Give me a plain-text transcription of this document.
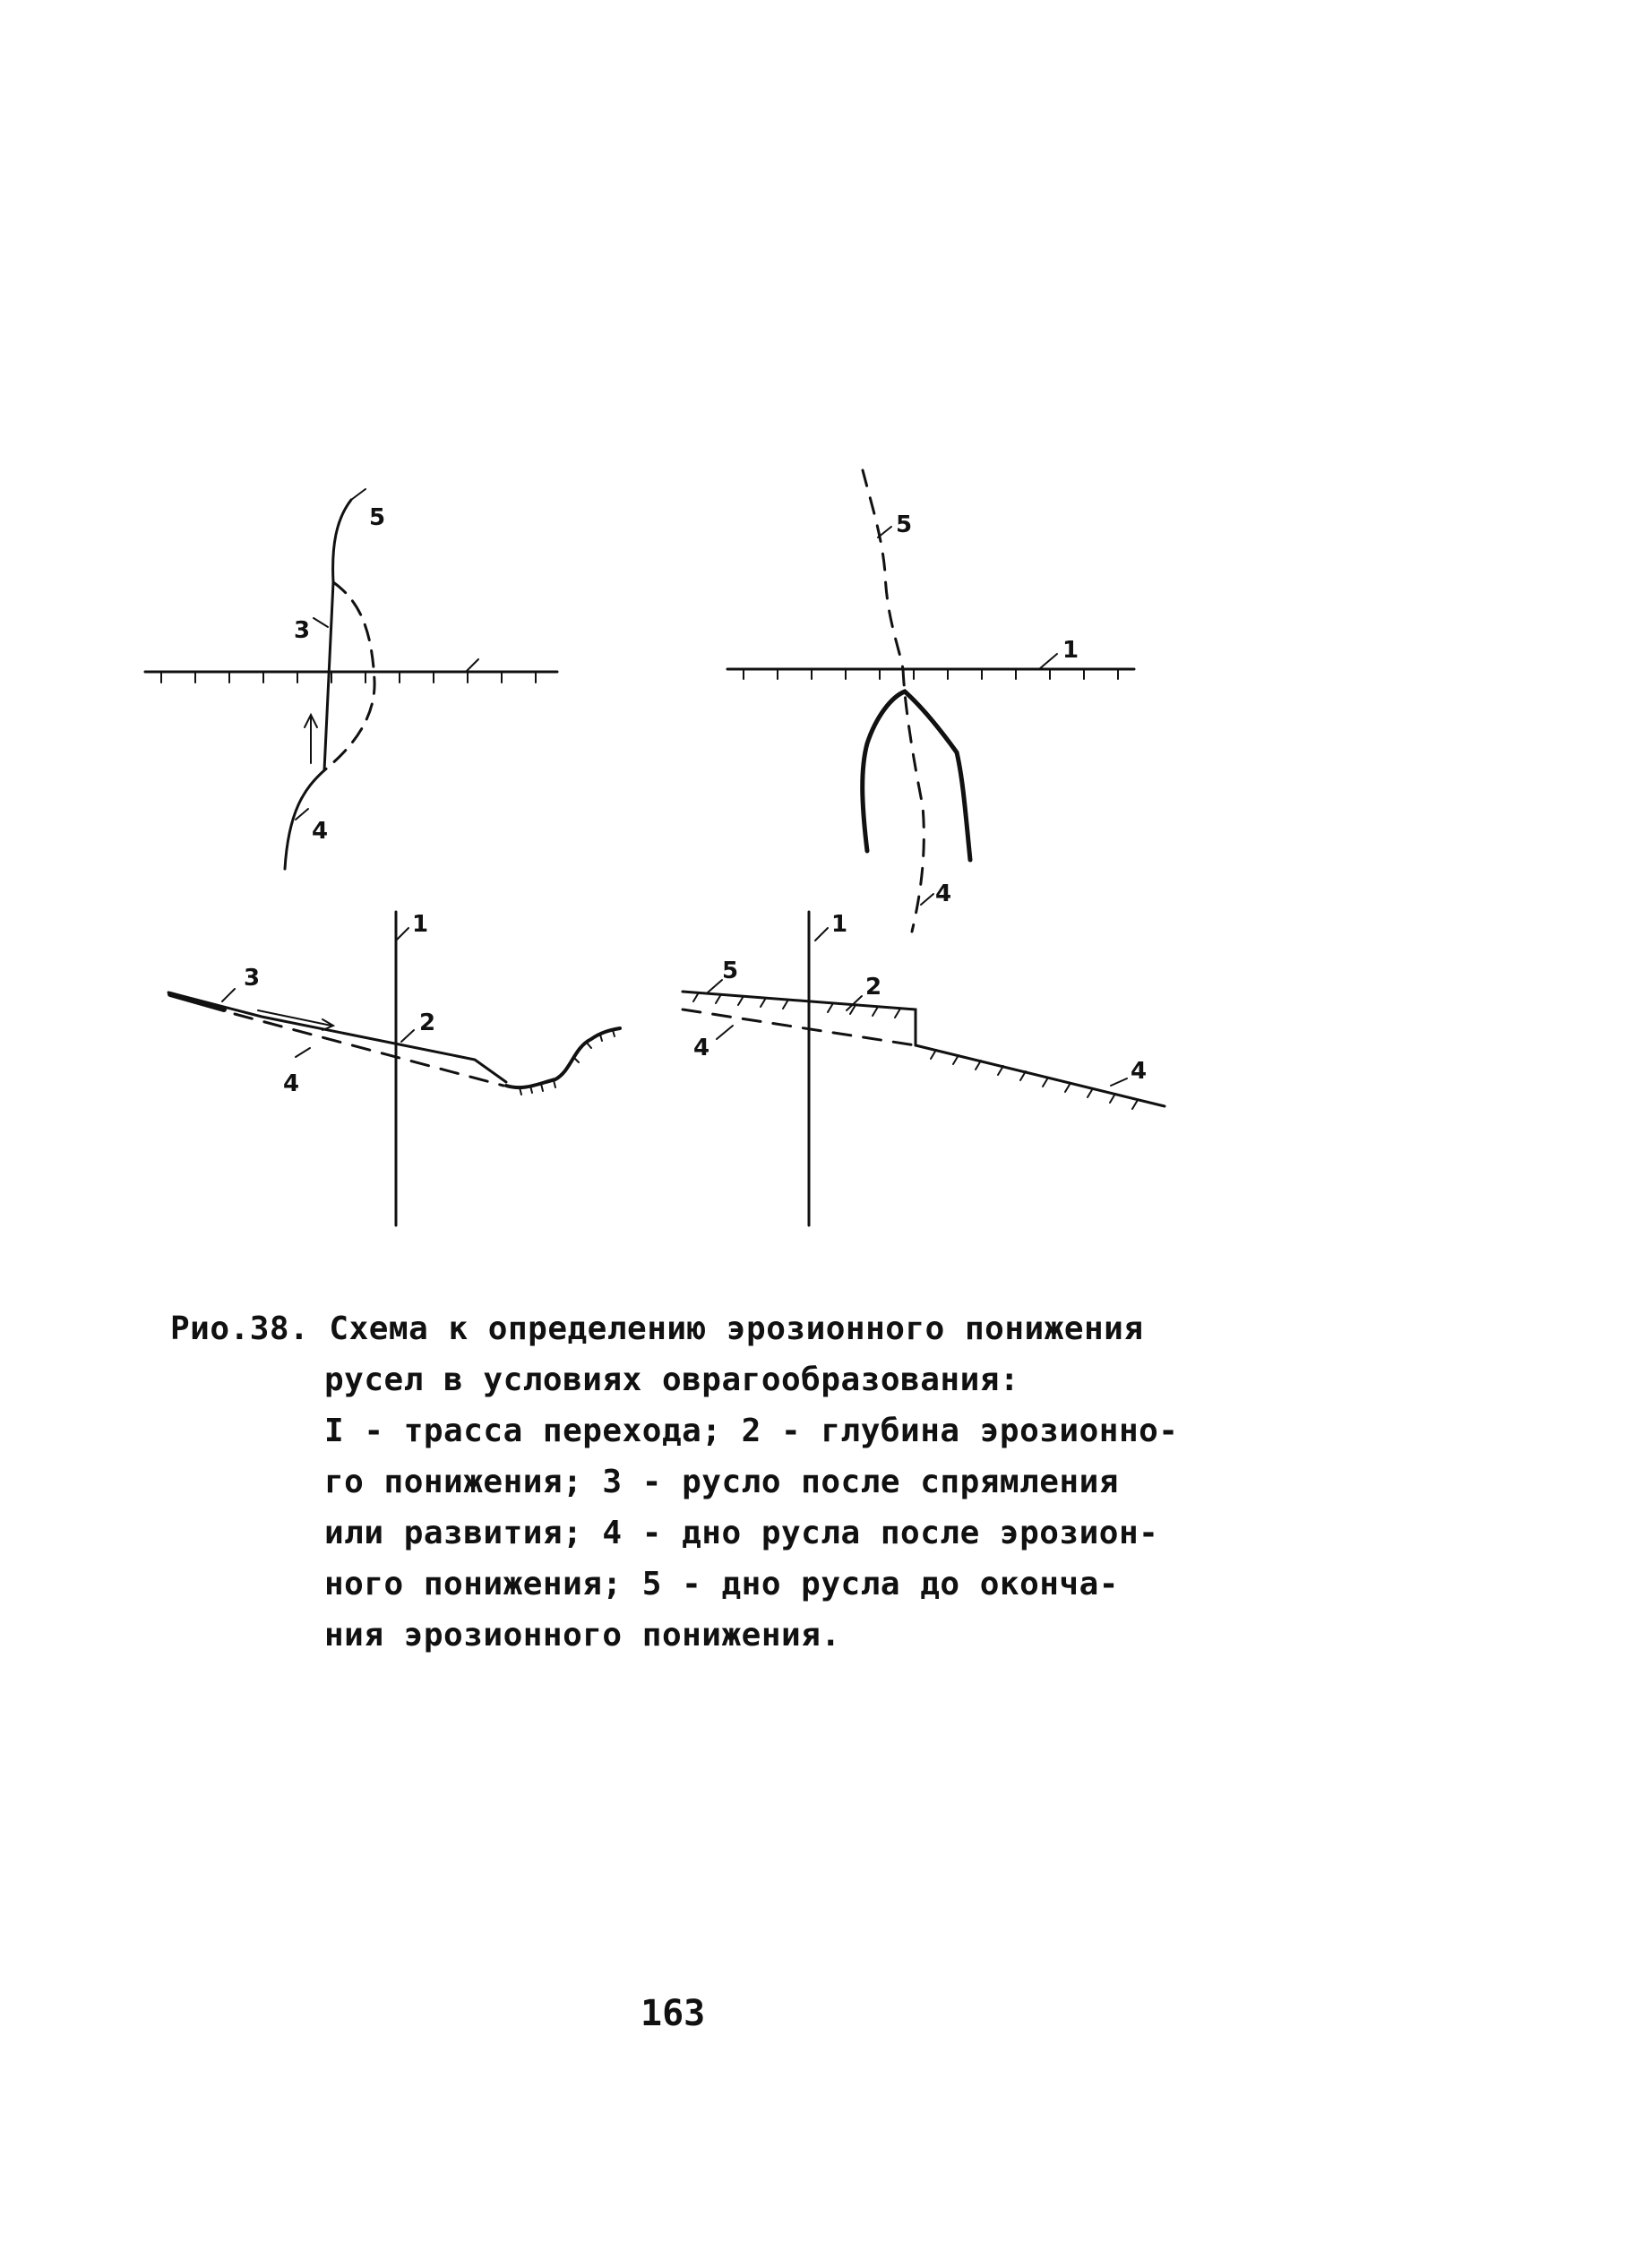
5
3
4
5
1
4
1
3
2
4
1
5
2
4
4
Рио.38. Схема к определению эрозионного понижения
русел в условиях оврагообразования:
I - трасса перехода; 2 - глубина эрозионно-
го понижения; 3 - русло после спрямления
или развития; 4 - дно русла после эрозион-
ного понижения; 5 - дно русла до оконча-
ния эрозионного понижения.
163
